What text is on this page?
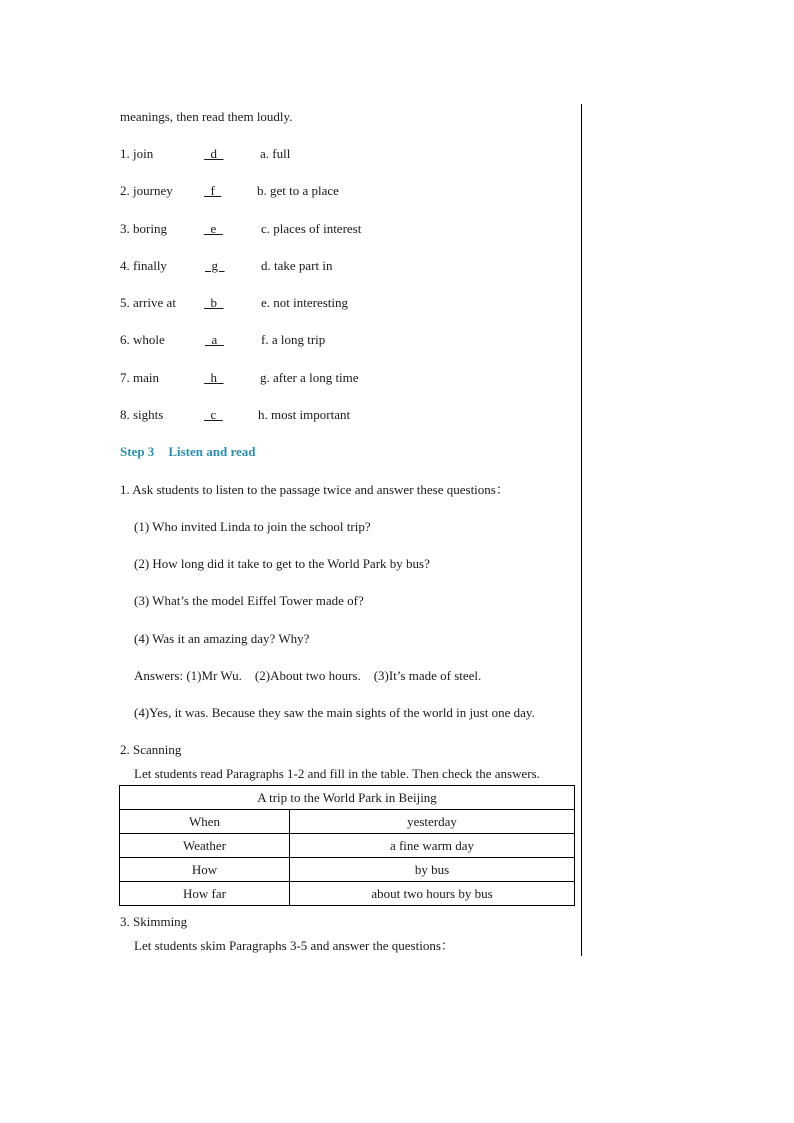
meanings, then read them loudly.
1. join	d	a. full
2. journey f	b. get to a place
3. boring	e	c. places of interest
4. finally	g	d. take part in
5. arrive at b	e. not interesting
6. whole	a	f. a long trip
7. main	h	g. after a long time
8. sights	c	h. most important
Step 3 Listen and read
1. Ask students to listen to the passage twice and answer these questions：
(1) Who invited Linda to join the school trip?
(2) How long did it take to get to the World Park by bus?
(3) What’s the model Eiffel Tower made of?
(4) Was it an amazing day? Why?
Answers: (1)Mr Wu.    (2)About two hours.    (3)It’s made of steel.
(4)Yes, it was. Because they saw the main sights of the world in just one day.
2. Scanning
Let students read Paragraphs 1-2 and fill in the table. Then check the answers.
A trip to the World Park in Beijing	
When	yesterday
Weather	a fine warm day
How	by bus
How far	about two hours by bus
3. Skimming
Let students skim Paragraphs 3-5 and answer the questions：
